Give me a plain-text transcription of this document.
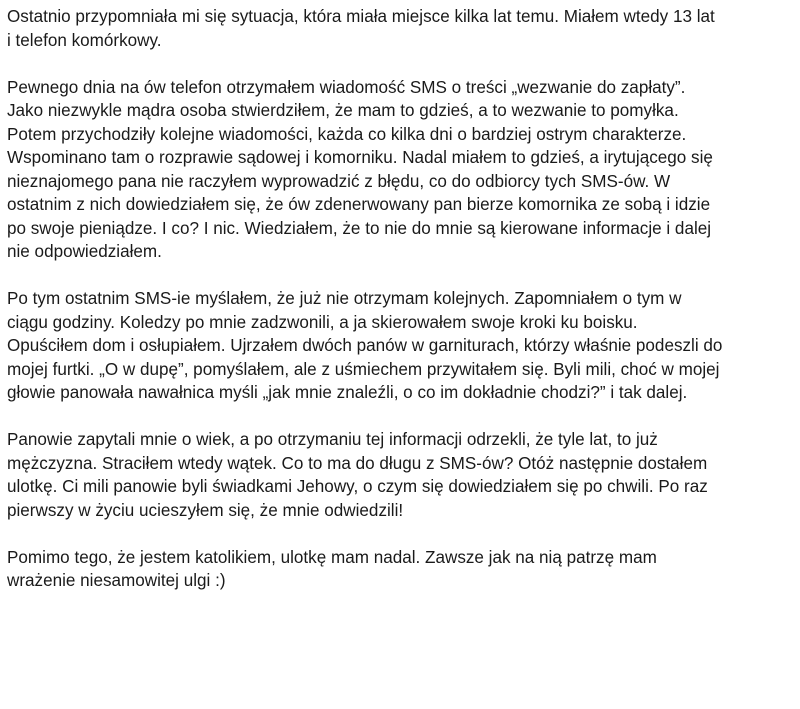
Ostatnio przypomniała mi się sytuacja, która miała miejsce kilka lat temu. Miałem wtedy 13 lat
i telefon komórkowy.

Pewnego dnia na ów telefon otrzymałem wiadomość SMS o treści „wezwanie do zapłaty”.
Jako niezwykle mądra osoba stwierdziłem, że mam to gdzieś, a to wezwanie to pomyłka.
Potem przychodziły kolejne wiadomości, każda co kilka dni o bardziej ostrym charakterze.
Wspominano tam o rozprawie sądowej i komorniku. Nadal miałem to gdzieś, a irytującego się
nieznajomego pana nie raczyłem wyprowadzić z błędu, co do odbiorcy tych SMS-ów. W
ostatnim z nich dowiedziałem się, że ów zdenerwowany pan bierze komornika ze sobą i idzie
po swoje pieniądze. I co? I nic. Wiedziałem, że to nie do mnie są kierowane informacje i dalej
nie odpowiedziałem.

Po tym ostatnim SMS-ie myślałem, że już nie otrzymam kolejnych. Zapomniałem o tym w
ciągu godziny. Koledzy po mnie zadzwonili, a ja skierowałem swoje kroki ku boisku.
Opuściłem dom i osłupiałem. Ujrzałem dwóch panów w garniturach, którzy właśnie podeszli do
mojej furtki. „O w dupę”, pomyślałem, ale z uśmiechem przywitałem się. Byli mili, choć w mojej
głowie panowała nawałnica myśli „jak mnie znaleźli, o co im dokładnie chodzi?” i tak dalej.

Panowie zapytali mnie o wiek, a po otrzymaniu tej informacji odrzekli, że tyle lat, to już
mężczyzna. Straciłem wtedy wątek. Co to ma do długu z SMS-ów? Otóż następnie dostałem
ulotkę. Ci mili panowie byli świadkami Jehowy, o czym się dowiedziałem się po chwili. Po raz
pierwszy w życiu ucieszyłem się, że mnie odwiedzili!

Pomimo tego, że jestem katolikiem, ulotkę mam nadal. Zawsze jak na nią patrzę mam
wrażenie niesamowitej ulgi :)
